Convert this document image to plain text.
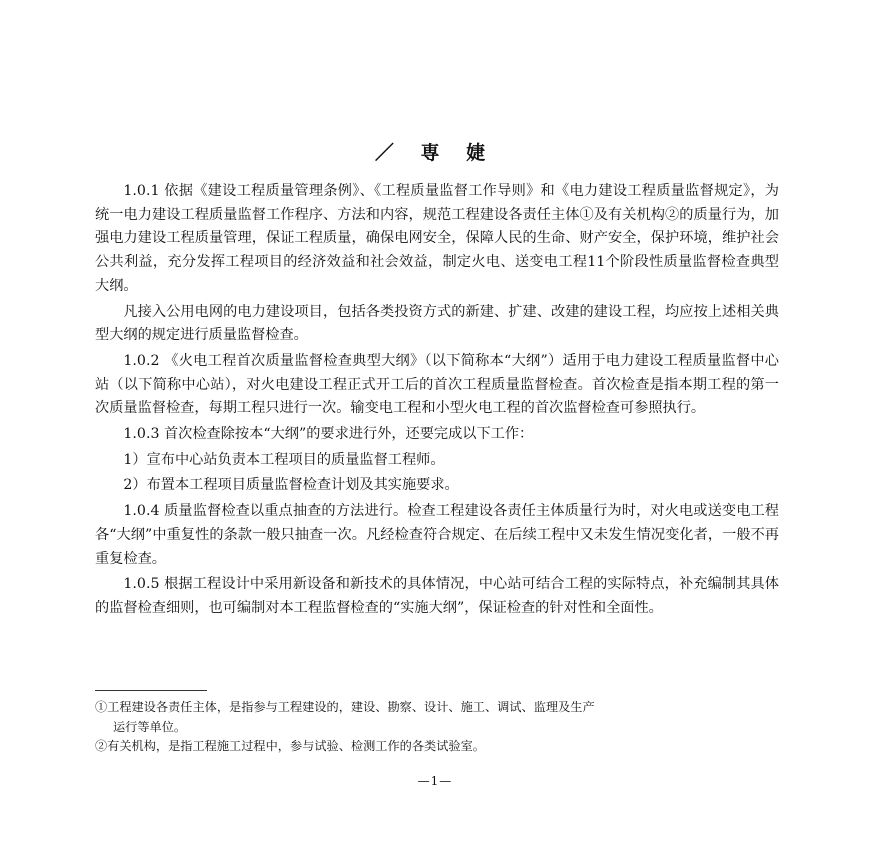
／ 専 婕

1.0.1 依据《建设工程质量管理条例》、《工程质量监督工作导则》和《电力建设工程质量监督规定》，为统一电力建设工程质量监督工作程序、方法和内容，规范工程建设各责任主体①及有关机构②的质量行为，加强电力建设工程质量管理，保证工程质量，确保电网安全，保障人民的生命、财产安全，保护环境，维护社会公共利益，充分发挥工程项目的经济效益和社会效益，制定火电、送变电工程11个阶段性质量监督检查典型大纲。

凡接入公用电网的电力建设项目，包括各类投资方式的新建、扩建、改建的建设工程，均应按上述相关典型大纲的规定进行质量监督检查。

1.0.2 《火电工程首次质量监督检查典型大纲》（以下简称本“大纲”）适用于电力建设工程质量监督中心站（以下简称中心站），对火电建设工程正式开工后的首次工程质量监督检查。首次检查是指本期工程的第一次质量监督检查，每期工程只进行一次。输变电工程和小型火电工程的首次监督检查可参照执行。

1.0.3 首次检查除按本“大纲”的要求进行外，还要完成以下工作：

1）宣布中心站负责本工程项目的质量监督工程师。

2）布置本工程项目质量监督检查计划及其实施要求。

1.0.4 质量监督检查以重点抽查的方法进行。检查工程建设各责任主体质量行为时，对火电或送变电工程各“大纲”中重复性的条款一般只抽查一次。凡经检查符合规定、在后续工程中又未发生情况变化者，一般不再重复检查。

1.0.5 根据工程设计中采用新设备和新技术的具体情况，中心站可结合工程的实际特点，补充编制其具体的监督检查细则，也可编制对本工程监督检查的“实施大纲”，保证检查的针对性和全面性。

①工程建设各责任主体，是指参与工程建设的，建设、勘察、设计、施工、调试、监理及生产

运行等单位。

②有关机构，是指工程施工过程中，参与试验、检测工作的各类试验室。

—1—
